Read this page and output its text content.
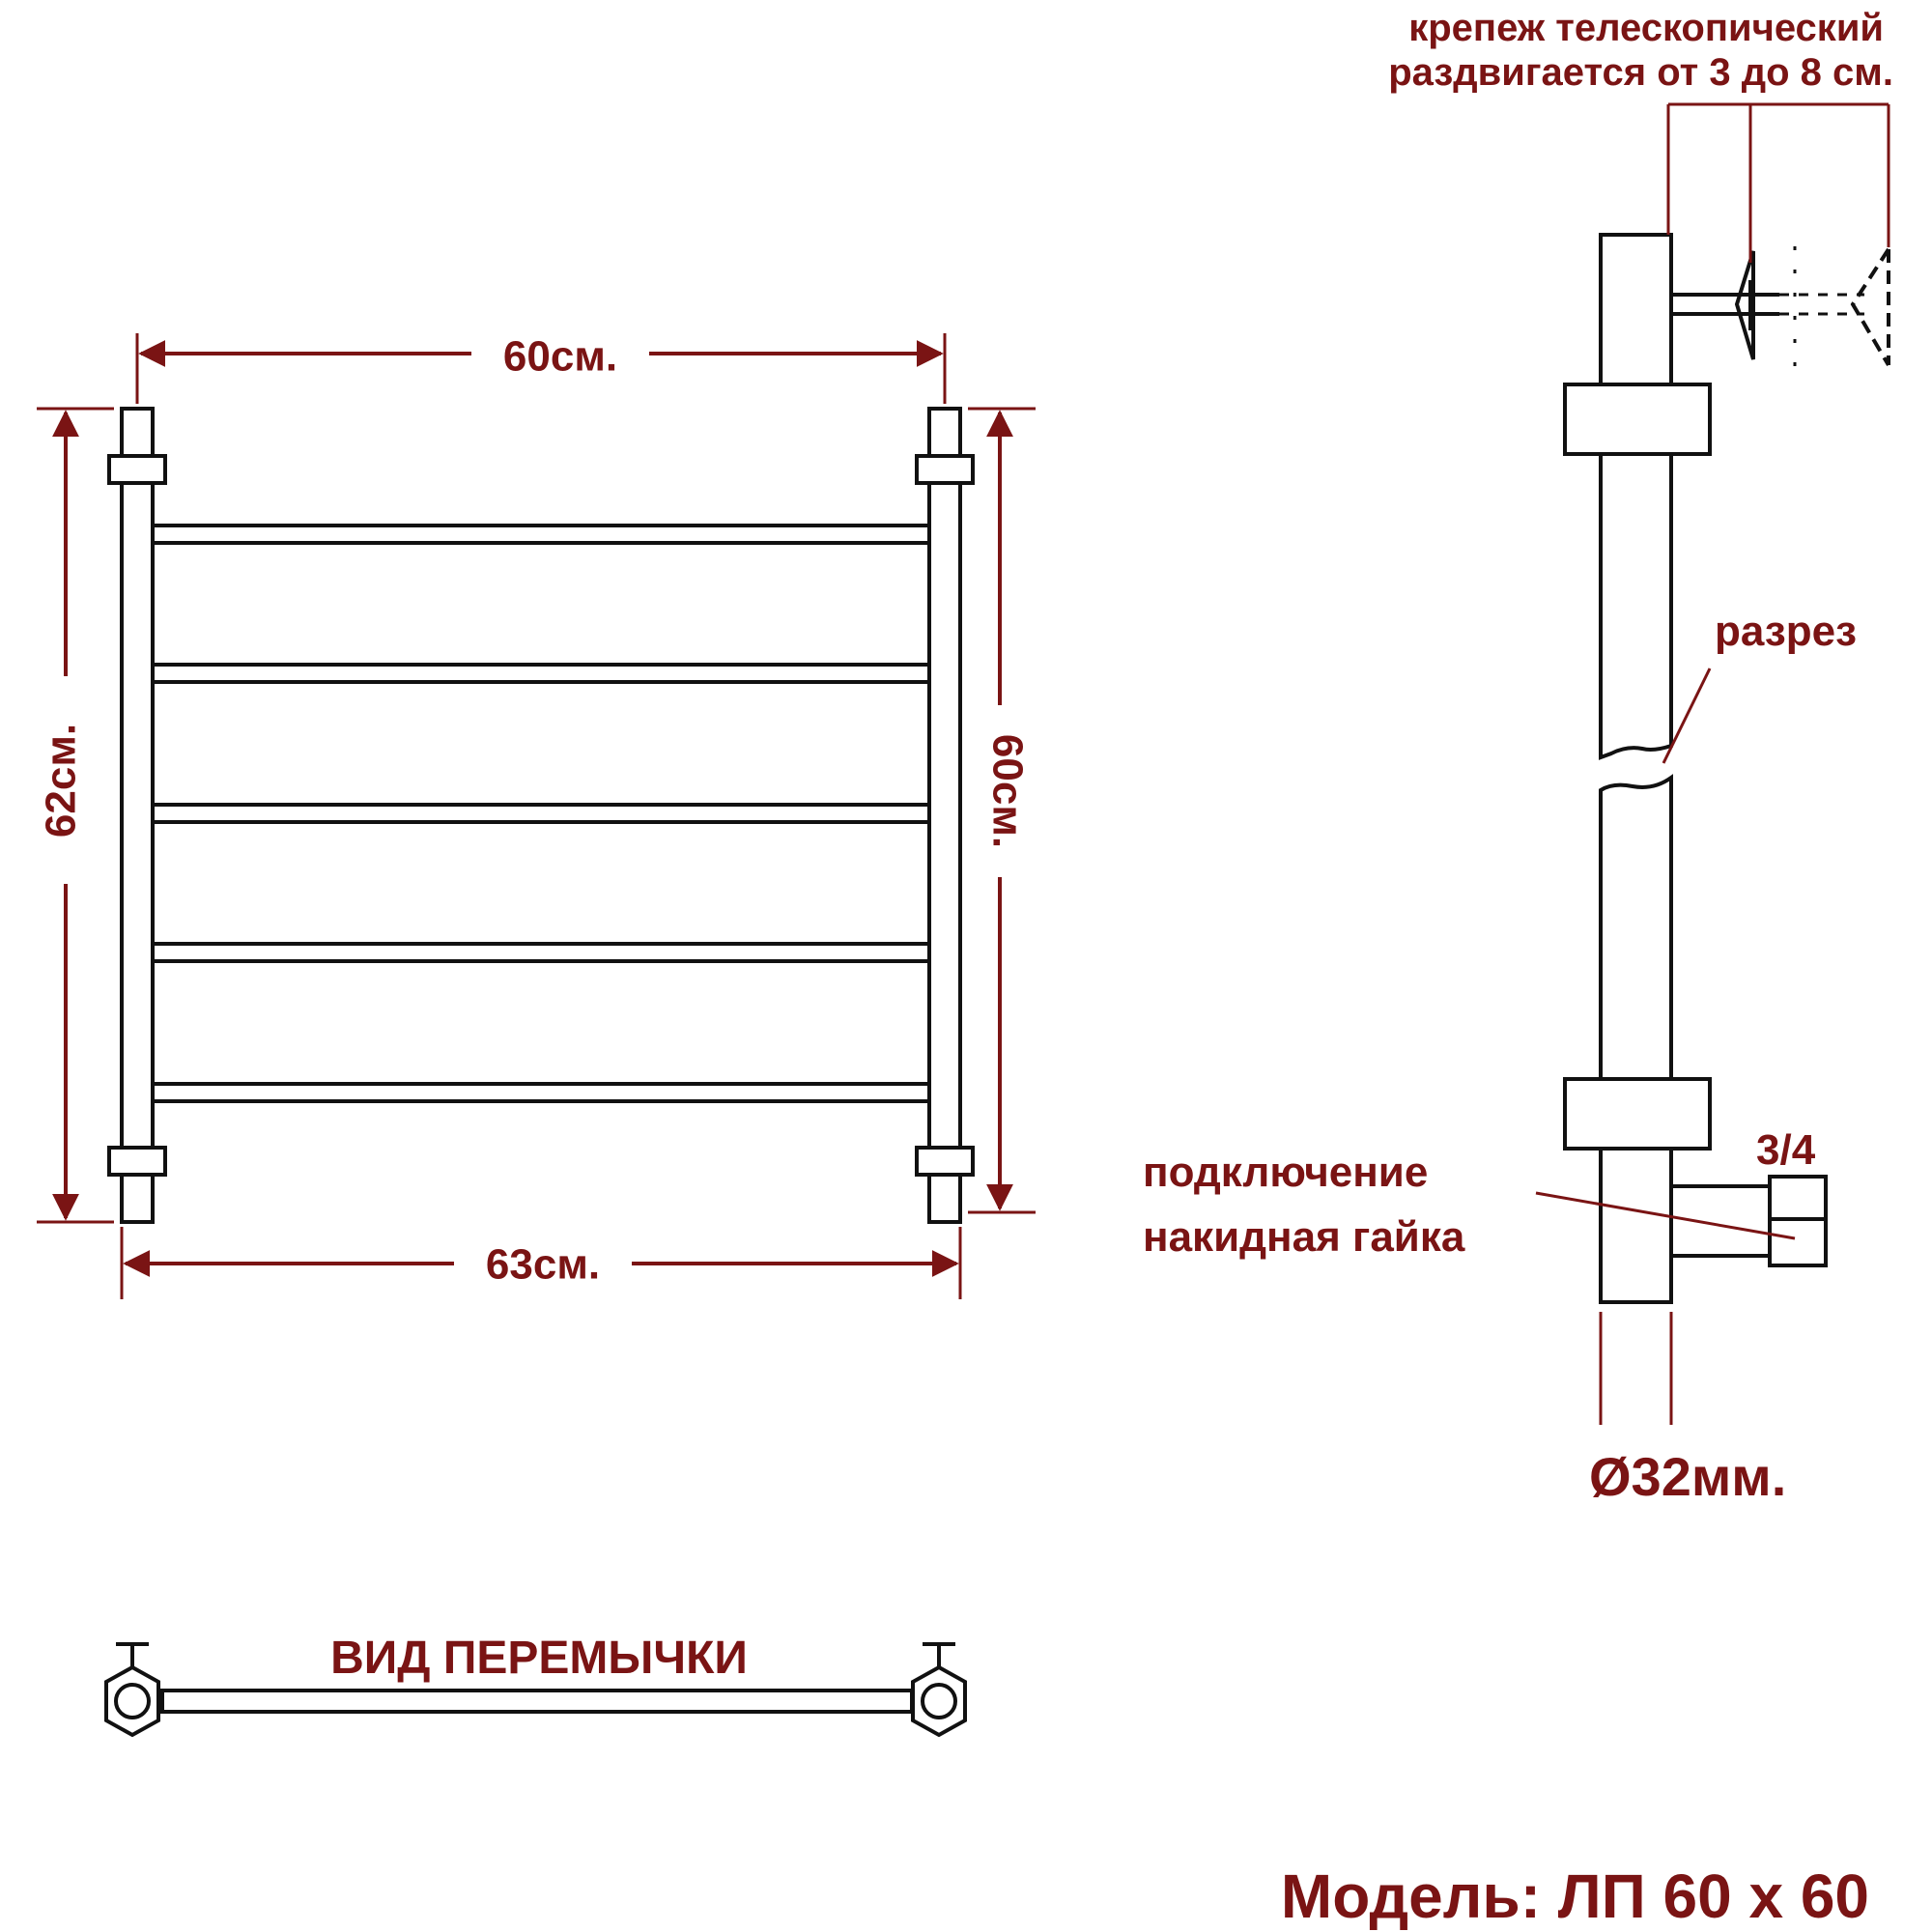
60см.
63см.
62см.	60см.
крепеж телескопический
раздвигается от 3 до 8 см.
разрез
подключение
накидная гайка
3/4
Ø32мм.
ВИД ПЕРЕМЫЧКИ
Модель: ЛП 60 х 60
